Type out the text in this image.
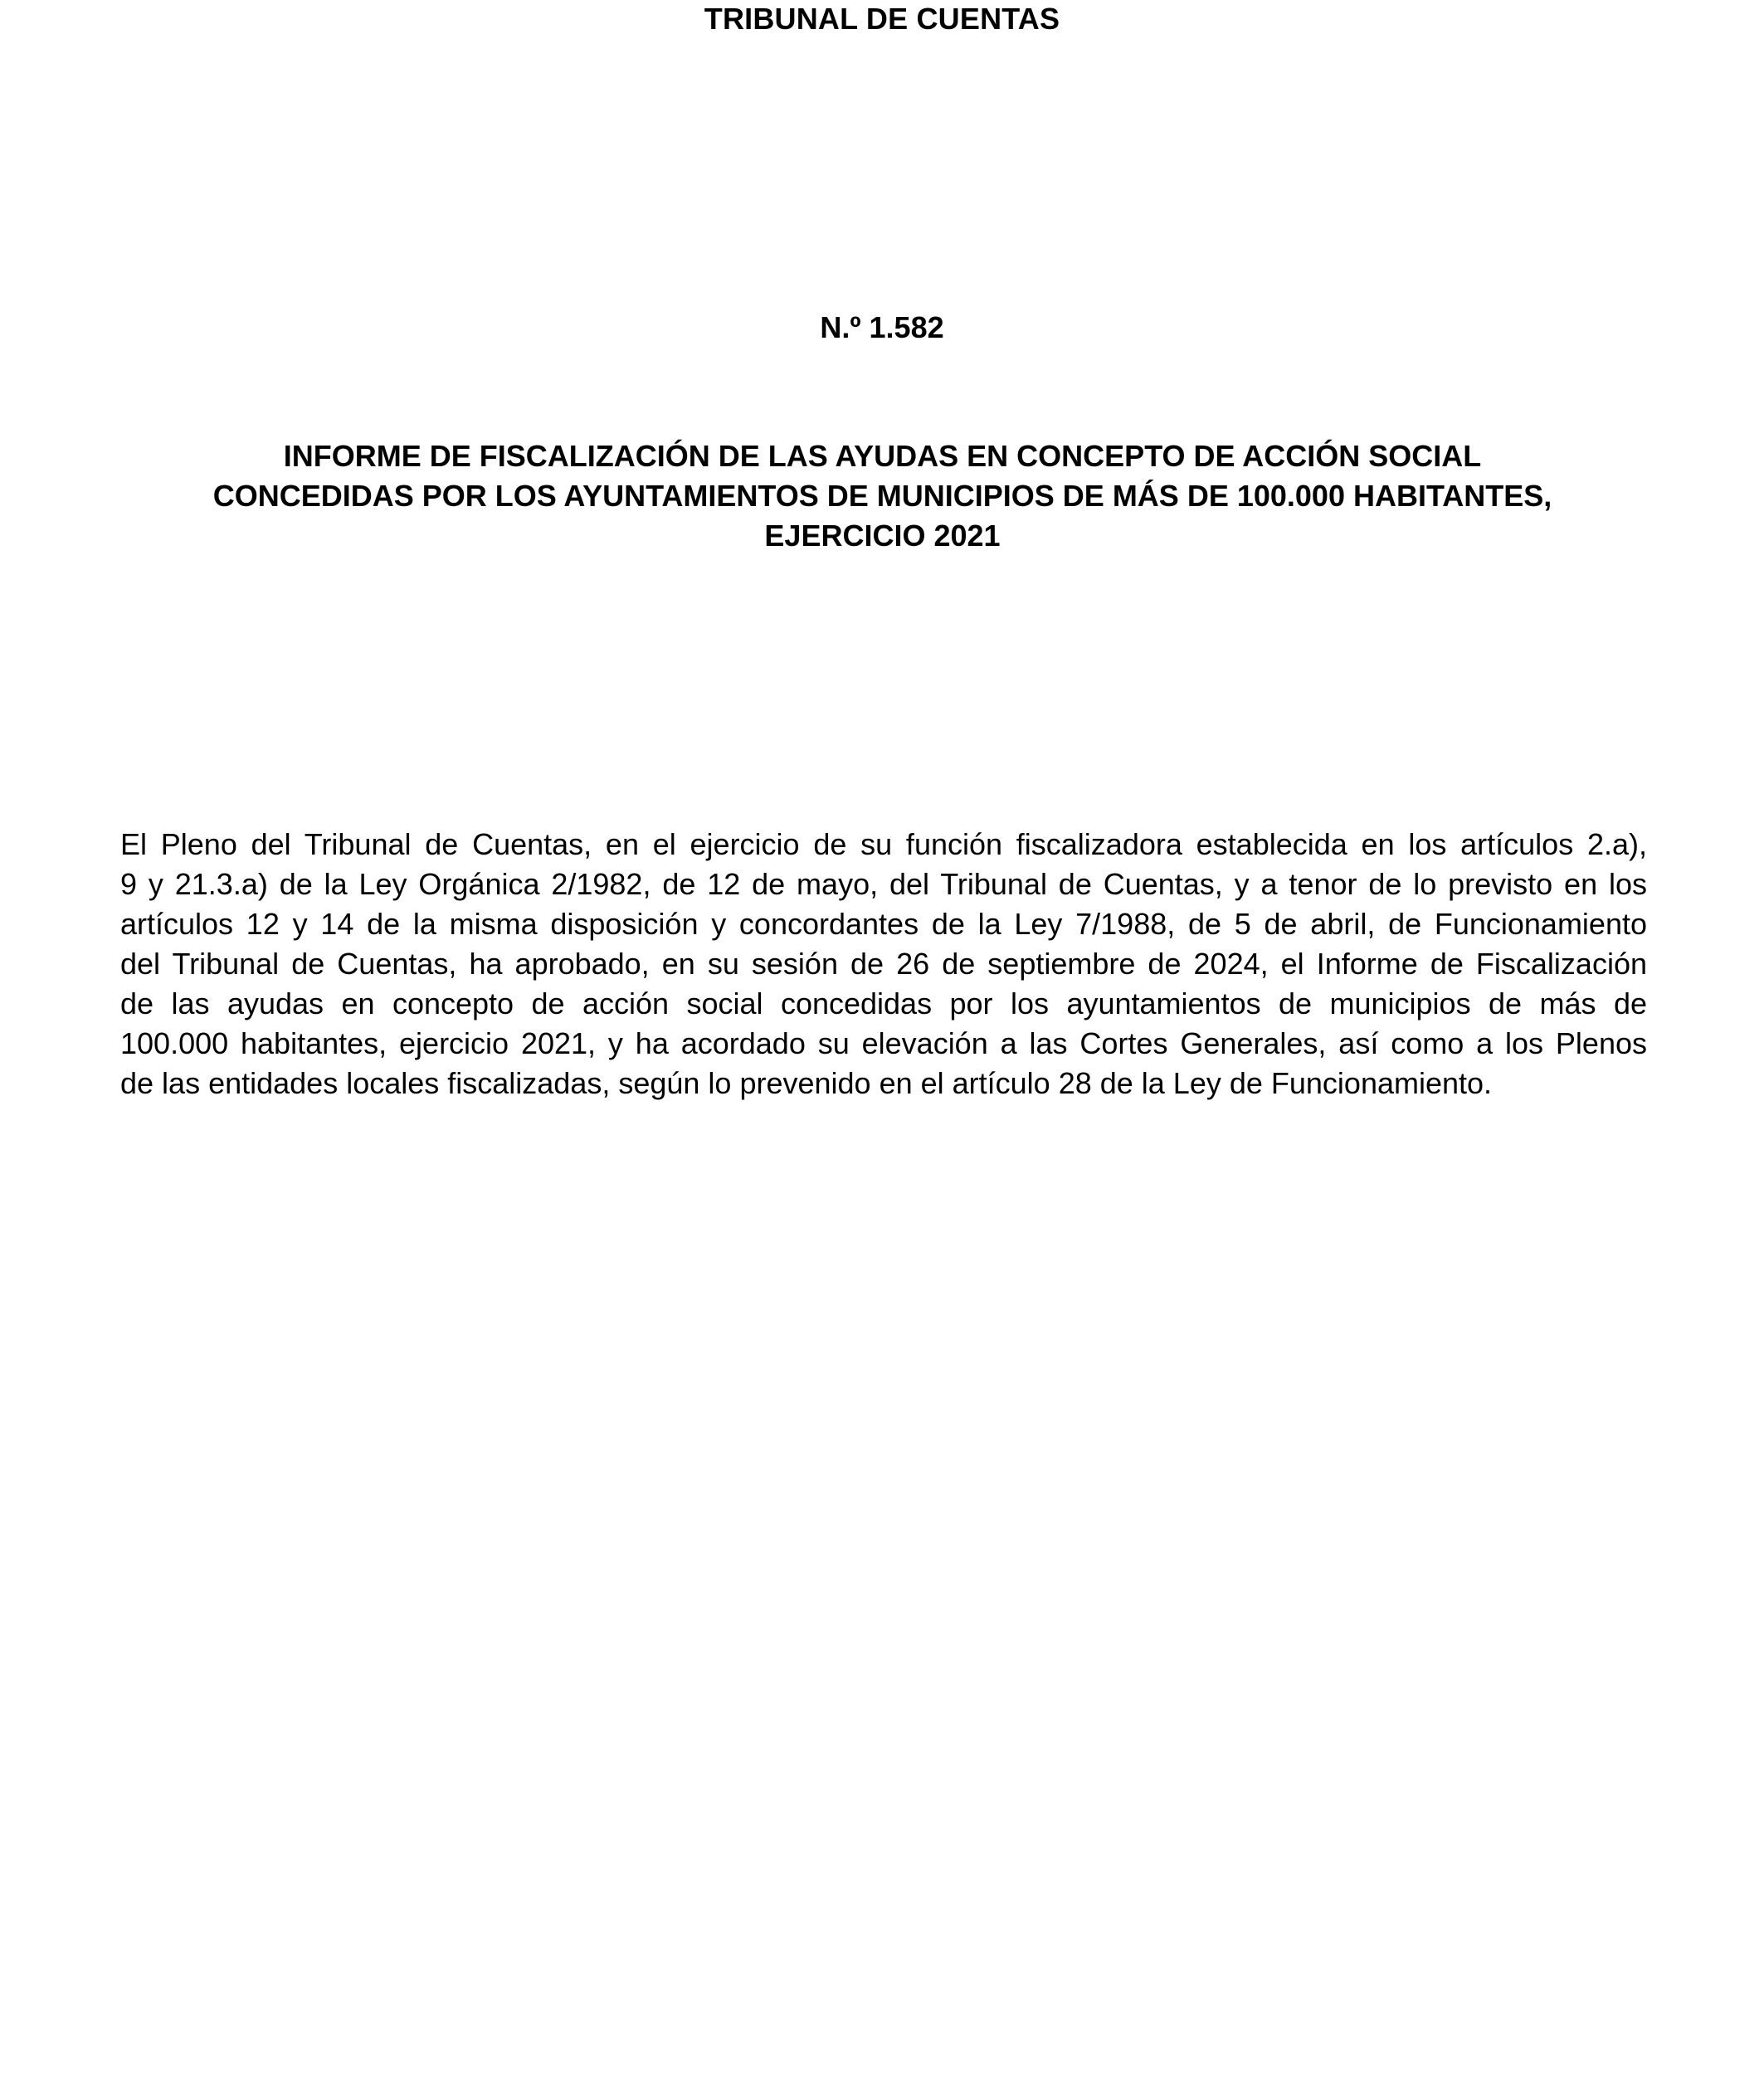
TRIBUNAL DE CUENTAS
N.º 1.582
INFORME DE FISCALIZACIÓN DE LAS AYUDAS EN CONCEPTO DE ACCIÓN SOCIAL
CONCEDIDAS POR LOS AYUNTAMIENTOS DE MUNICIPIOS DE MÁS DE 100.000 HABITANTES,
EJERCICIO 2021
El Pleno del Tribunal de Cuentas, en el ejercicio de su función fiscalizadora establecida en los artículos 2.a),
9 y 21.3.a) de la Ley Orgánica 2/1982, de 12 de mayo, del Tribunal de Cuentas, y a tenor de lo previsto en los
artículos 12 y 14 de la misma disposición y concordantes de la Ley 7/1988, de 5 de abril, de Funcionamiento
del Tribunal de Cuentas, ha aprobado, en su sesión de 26 de septiembre de 2024, el Informe de Fiscalización
de las ayudas en concepto de acción social concedidas por los ayuntamientos de municipios de más de
100.000 habitantes, ejercicio 2021, y ha acordado su elevación a las Cortes Generales, así como a los Plenos
de las entidades locales fiscalizadas, según lo prevenido en el artículo 28 de la Ley de Funcionamiento.
